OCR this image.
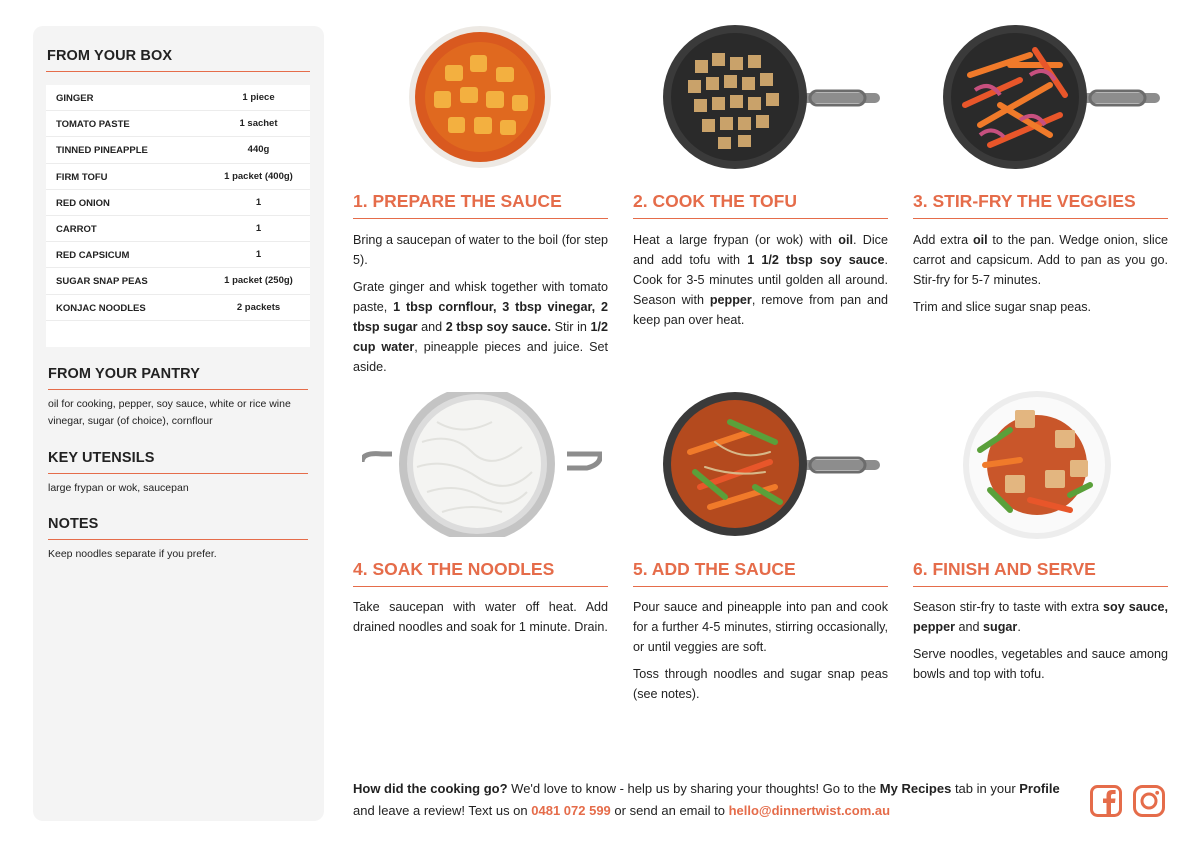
FROM YOUR BOX
GINGER	1 piece
TOMATO PASTE	1 sachet
TINNED PINEAPPLE	440g
FIRM TOFU	1 packet (400g)
RED ONION	1
CARROT	1
RED CAPSICUM	1
SUGAR SNAP PEAS	1 packet (250g)
KONJAC NOODLES	2 packets
FROM YOUR PANTRY
oil for cooking, pepper, soy sauce, white or rice wine vinegar, sugar (of choice), cornflour
KEY UTENSILS
large frypan or wok, saucepan
NOTES
Keep noodles separate if you prefer.
1. PREPARE THE SAUCE

Bring a saucepan of water to the boil (for step 5).

Grate ginger and whisk together with tomato paste, 1 tbsp cornflour, 3 tbsp vinegar, 2 tbsp sugar and 2 tbsp soy sauce. Stir in 1/2 cup water, pineapple pieces and juice. Set aside.

2. COOK THE TOFU

Heat a large frypan (or wok) with oil. Dice and add tofu with 1 1/2 tbsp soy sauce. Cook for 3-5 minutes until golden all around. Season with pepper, remove from pan and keep pan over heat.

3. STIR-FRY THE VEGGIES

Add extra oil to the pan. Wedge onion, slice carrot and capsicum. Add to pan as you go. Stir-fry for 5-7 minutes.

Trim and slice sugar snap peas.

4. SOAK THE NOODLES

Take saucepan with water off heat. Add drained noodles and soak for 1 minute. Drain.

5. ADD THE SAUCE

Pour sauce and pineapple into pan and cook for a further 4-5 minutes, stirring occasionally, or until veggies are soft.

Toss through noodles and sugar snap peas (see notes).

6. FINISH AND SERVE

Season stir-fry to taste with extra soy sauce, pepper and sugar.

Serve noodles, vegetables and sauce among bowls and top with tofu.

How did the cooking go? We'd love to know - help us by sharing your thoughts! Go to the My Recipes tab in your Profile and leave a review! Text us on 0481 072 599 or send an email to hello@dinnertwist.com.au
